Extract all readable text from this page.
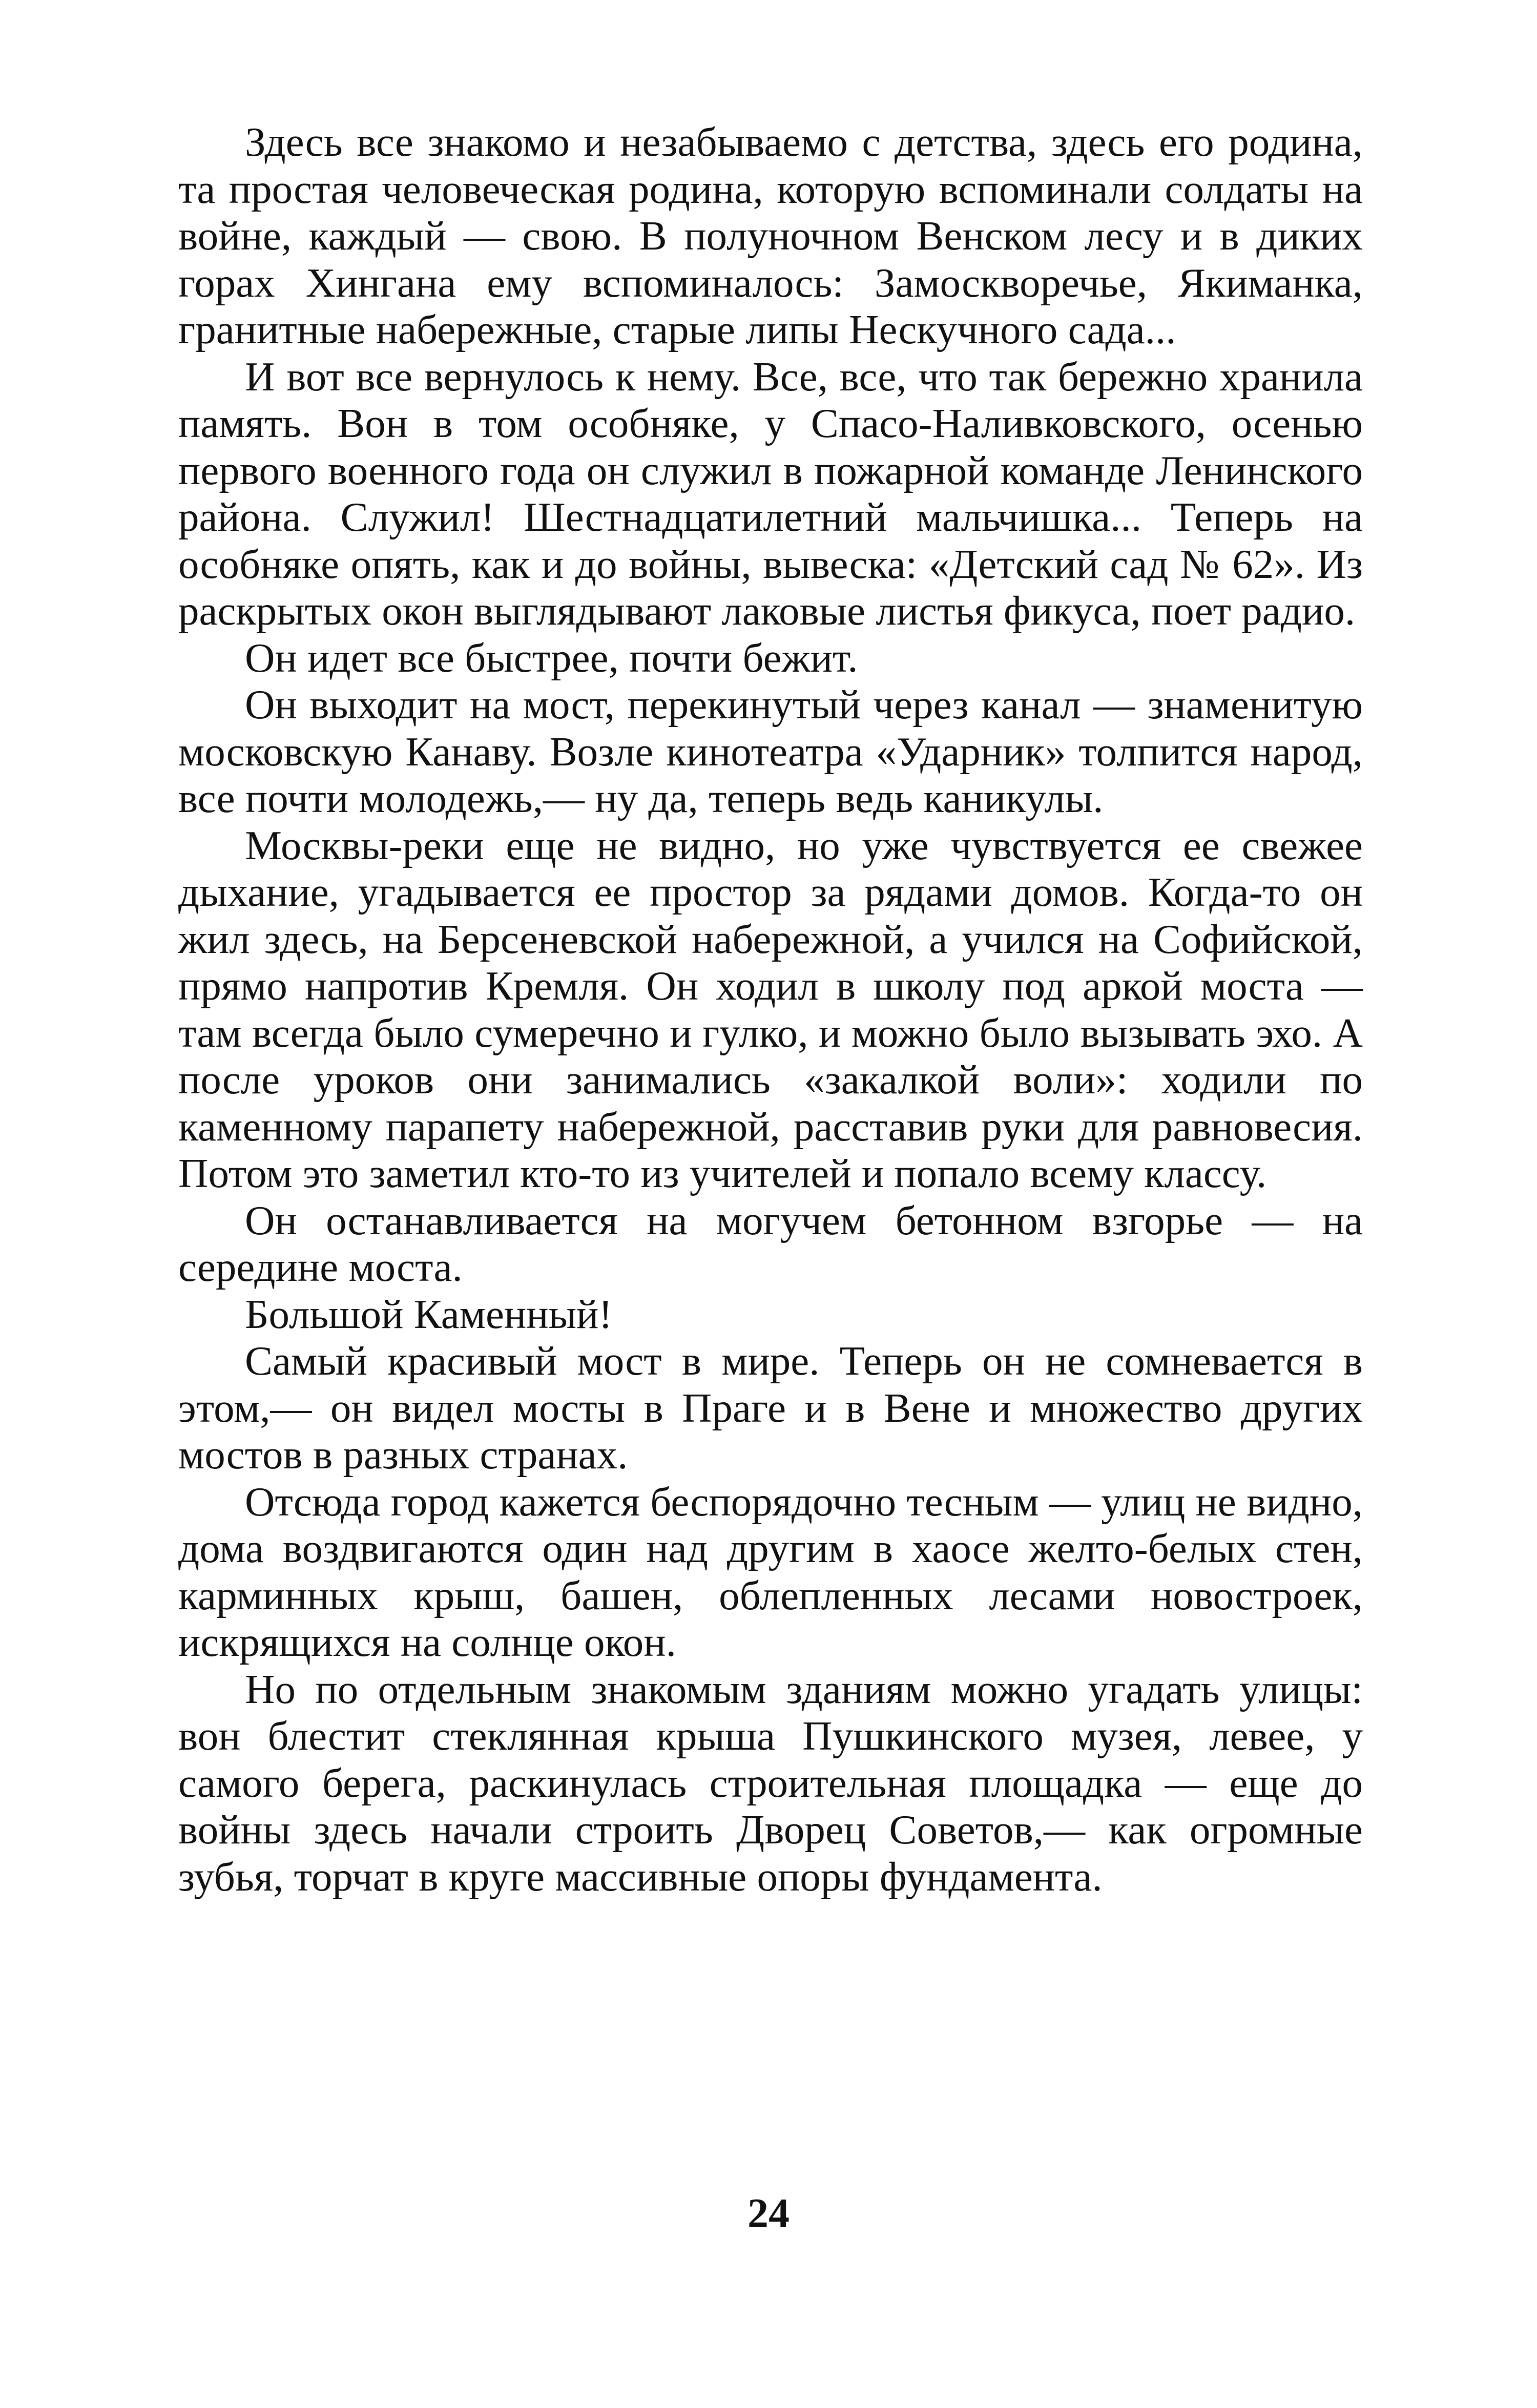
Здесь все знакомо и незабываемо с детства, здесь его родина, та простая человеческая родина, которую вспоминали солдаты на войне, каждый — свою. В полуночном Венском лесу и в диких горах Хингана ему вспоминалось: Замоскворечье, Якиманка, гранитные набережные, старые липы Нескучного сада...

И вот все вернулось к нему. Все, все, что так бережно хранила память. Вон в том особняке, у Спасо-Наливковского, осенью первого военного года он служил в пожарной команде Ленинского района. Служил! Шестнадцатилетний мальчишка... Теперь на особняке опять, как и до войны, вывеска: «Детский сад № 62». Из раскрытых окон выглядывают лаковые листья фикуса, поет радио.

Он идет все быстрее, почти бежит.

Он выходит на мост, перекинутый через канал — знаменитую московскую Канаву. Возле кинотеатра «Ударник» толпится народ, все почти молодежь,— ну да, теперь ведь каникулы.

Москвы-реки еще не видно, но уже чувствуется ее свежее дыхание, угадывается ее простор за рядами домов. Когда-то он жил здесь, на Берсеневской набережной, а учился на Софийской, прямо напротив Кремля. Он ходил в школу под аркой моста — там всегда было сумеречно и гулко, и можно было вызывать эхо. А после уроков они занимались «закалкой воли»: ходили по каменному парапету набережной, расставив руки для равновесия. Потом это заметил кто-то из учителей и попало всему классу.

Он останавливается на могучем бетонном взгорье — на середине моста.

Большой Каменный!

Самый красивый мост в мире. Теперь он не сомневается в этом,— он видел мосты в Праге и в Вене и множество других мостов в разных странах.

Отсюда город кажется беспорядочно тесным — улиц не видно, дома воздвигаются один над другим в хаосе желто-белых стен, карминных крыш, башен, облепленных лесами новостроек, искрящихся на солнце окон.

Но по отдельным знакомым зданиям можно угадать улицы: вон блестит стеклянная крыша Пушкинского музея, левее, у самого берега, раскинулась строительная площадка — еще до войны здесь начали строить Дворец Советов,— как огромные зубья, торчат в круге массивные опоры фундамента.

24
